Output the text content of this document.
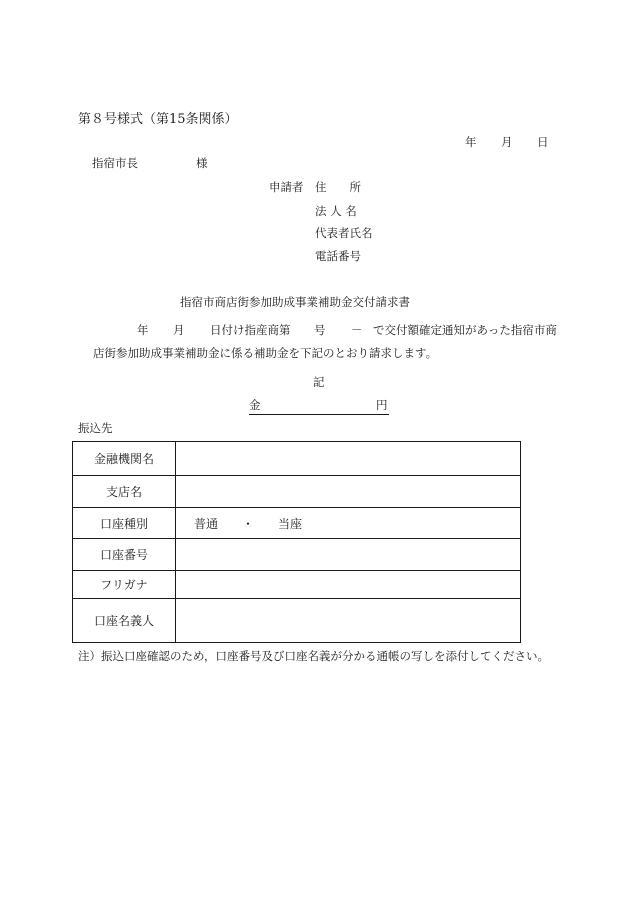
第８号様式（第15条関係）
年 月 日
指宿市長	様
申請者 住　　所
法 人 名
代表者氏名
電話番号
指宿市商店街参加助成事業補助金交付請求書
年 月 日付け指産商第 号 － で交付額確定通知があった指宿市商
店街参加助成事業補助金に係る補助金を下記のとおり請求します。
記
金	円
振込先
金融機関名	
支店名	
口座種別	普通　　・　　当座
口座番号	
フリガナ	
口座名義人	
注）振込口座確認のため，口座番号及び口座名義が分かる通帳の写しを添付してください。
